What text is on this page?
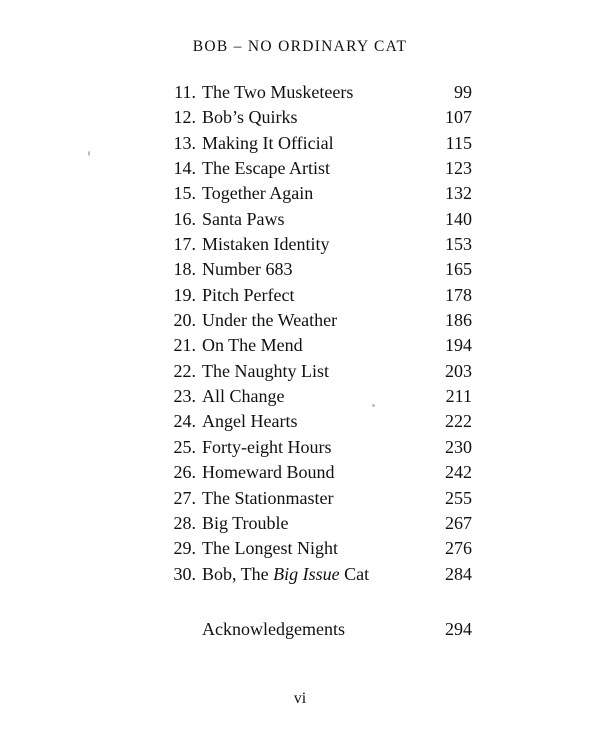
BOB – NO ORDINARY CAT
11. The Two Musketeers	99
12. Bob’s Quirks	107
13. Making It Official	115
14. The Escape Artist	123
15. Together Again	132
16. Santa Paws	140
17. Mistaken Identity	153
18. Number 683	165
19. Pitch Perfect	178
20. Under the Weather	186
21. On The Mend	194
22. The Naughty List	203
23. All Change	211
24. Angel Hearts	222
25. Forty-eight Hours	230
26. Homeward Bound	242
27. The Stationmaster	255
28. Big Trouble	267
29. The Longest Night	276
30. Bob, The Big Issue Cat	284
Acknowledgements	294
vi
